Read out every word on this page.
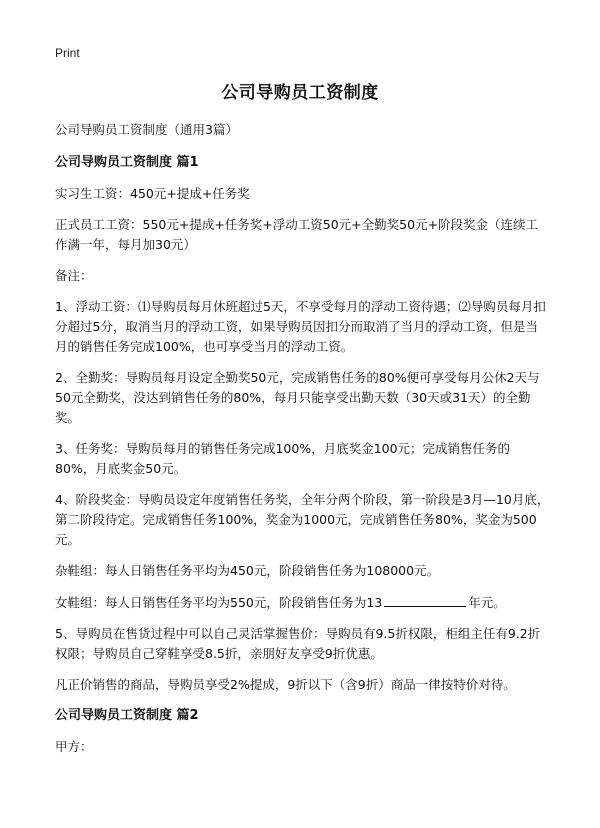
Print
公司导购员工资制度

公司导购员工资制度（通用3篇）

公司导购员工资制度 篇1

实习生工资：450元+提成+任务奖

正式员工工资：550元+提成+任务奖+浮动工资50元+全勤奖50元+阶段奖金（连续工作满一年，每月加30元）

备注：

1、浮动工资：⑴导购员每月休班超过5天，不享受每月的浮动工资待遇；⑵导购员每月扣分超过5分，取消当月的浮动工资，如果导购员因扣分而取消了当月的浮动工资，但是当月的销售任务完成100%，也可享受当月的浮动工资。

2、全勤奖：导购员每月设定全勤奖50元，完成销售任务的80%便可享受每月公休2天与50元全勤奖，没达到销售任务的80%，每月只能享受出勤天数（30天或31天）的全勤奖。

3、任务奖：导购员每月的销售任务完成100%，月底奖金100元；完成销售任务的80%，月底奖金50元。

4、阶段奖金：导购员设定年度销售任务奖，全年分两个阶段，第一阶段是3月—10月底，第二阶段待定。完成销售任务100%，奖金为1000元，完成销售任务80%，奖金为500元。

杂鞋组：每人日销售任务平均为450元，阶段销售任务为108000元。

女鞋组：每人日销售任务平均为550元，阶段销售任务为13	年元。

5、导购员在售货过程中可以自己灵活掌握售价：导购员有9.5折权限，柜组主任有9.2折权限；导购员自己穿鞋享受8.5折，亲朋好友享受9折优惠。

凡正价销售的商品，导购员享受2%提成，9折以下（含9折）商品一律按特价对待。

公司导购员工资制度 篇2

甲方：
